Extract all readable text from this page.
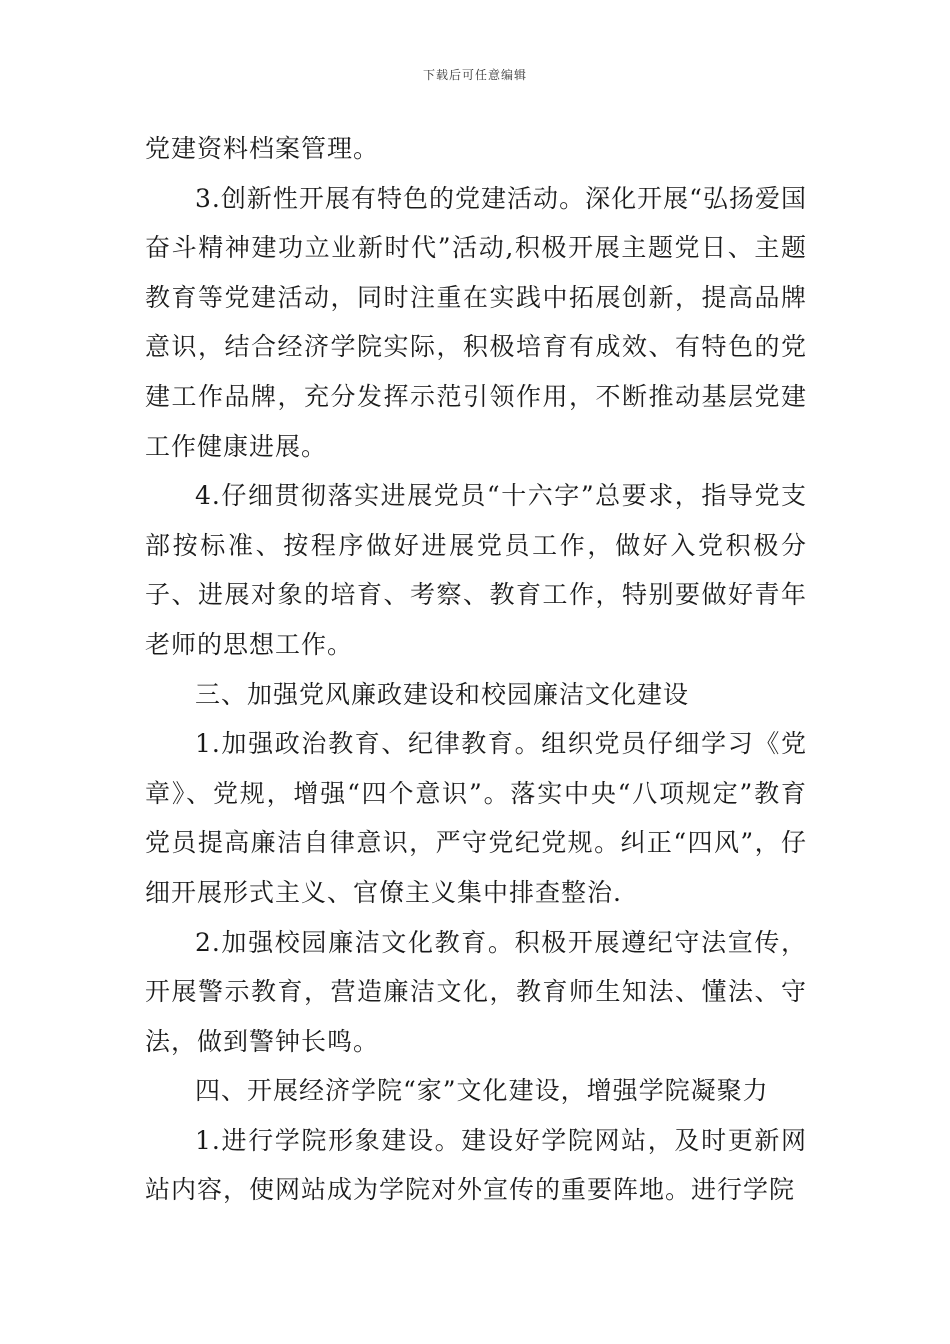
下载后可任意编辑

党建资料档案管理。

3.创新性开展有特色的党建活动。深化开展“弘扬爱国奋斗精神建功立业新时代”活动,积极开展主题党日、主题教育等党建活动，同时注重在实践中拓展创新，提高品牌意识，结合经济学院实际，积极培育有成效、有特色的党建工作品牌，充分发挥示范引领作用，不断推动基层党建工作健康进展。

4.仔细贯彻落实进展党员“十六字”总要求，指导党支部按标准、按程序做好进展党员工作，做好入党积极分子、进展对象的培育、考察、教育工作，特别要做好青年老师的思想工作。

三、加强党风廉政建设和校园廉洁文化建设

1.加强政治教育、纪律教育。组织党员仔细学习《党章》、党规，增强“四个意识”。落实中央“八项规定”教育党员提高廉洁自律意识，严守党纪党规。纠正“四风”，仔细开展形式主义、官僚主义集中排查整治.

2.加强校园廉洁文化教育。积极开展遵纪守法宣传，开展警示教育，营造廉洁文化，教育师生知法、懂法、守法，做到警钟长鸣。

四、开展经济学院“家”文化建设，增强学院凝聚力

1.进行学院形象建设。建设好学院网站，及时更新网站内容，使网站成为学院对外宣传的重要阵地。进行学院
